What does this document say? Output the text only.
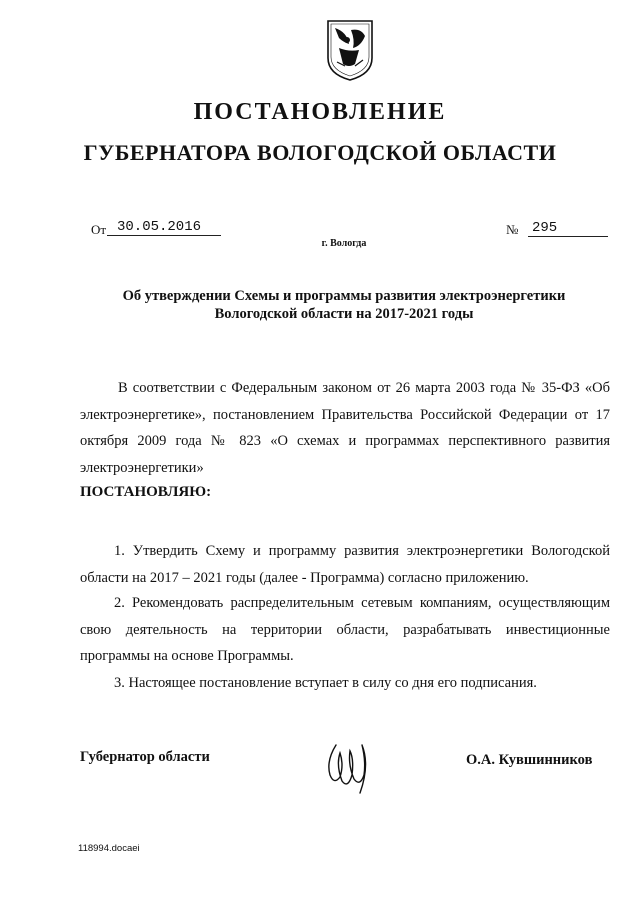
ПОСТАНОВЛЕНИЕ
ГУБЕРНАТОРА ВОЛОГОДСКОЙ ОБЛАСТИ
От 30.05.2016	№ 295
г. Вологда
Об утверждении Схемы и программы развития электроэнергетики
Вологодской области на 2017-2021 годы
В соответствии с Федеральным законом от 26 марта 2003 года № 35-ФЗ «Об электроэнергетике», постановлением Правительства Российской Федерации от 17 октября 2009 года № 823 «О схемах и программах перспективного развития электроэнергетики»
ПОСТАНОВЛЯЮ:
1. Утвердить Схему и программу развития электроэнергетики Вологодской области на 2017 – 2021 годы (далее - Программа) согласно приложению.
2. Рекомендовать распределительным сетевым компаниям, осуществляющим свою деятельность на территории области, разрабатывать инвестиционные программы на основе Программы.
3. Настоящее постановление вступает в силу со дня его подписания.
Губернатор области	О.А. Кувшинников
118994.docaei
